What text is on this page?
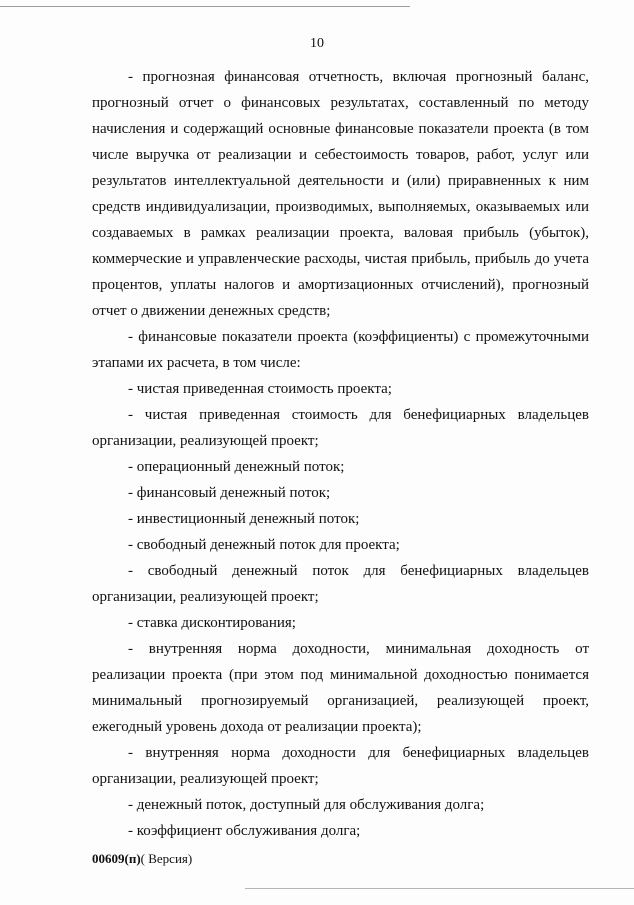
10

- прогнозная финансовая отчетность, включая прогнозный баланс, прогнозный отчет о финансовых результатах, составленный по методу начисления и содержащий основные финансовые показатели проекта (в том числе выручка от реализации и себестоимость товаров, работ, услуг или результатов интеллектуальной деятельности и (или) приравненных к ним средств индивидуализации, производимых, выполняемых, оказываемых или создаваемых в рамках реализации проекта, валовая прибыль (убыток), коммерческие и управленческие расходы, чистая прибыль, прибыль до учета процентов, уплаты налогов и амортизационных отчислений), прогнозный отчет о движении денежных средств;

- финансовые показатели проекта (коэффициенты) с промежуточными этапами их расчета, в том числе:

- чистая приведенная стоимость проекта;

- чистая приведенная стоимость для бенефициарных владельцев организации, реализующей проект;

- операционный денежный поток;

- финансовый денежный поток;

- инвестиционный денежный поток;

- свободный денежный поток для проекта;

- свободный денежный поток для бенефициарных владельцев организации, реализующей проект;

- ставка дисконтирования;

- внутренняя норма доходности, минимальная доходность от реализации проекта (при этом под минимальной доходностью понимается минимальный прогнозируемый организацией, реализующей проект, ежегодный уровень дохода от реализации проекта);

- внутренняя норма доходности для бенефициарных владельцев организации, реализующей проект;

- денежный поток, доступный для обслуживания долга;

- коэффициент обслуживания долга;

00609(п)( Версия)
